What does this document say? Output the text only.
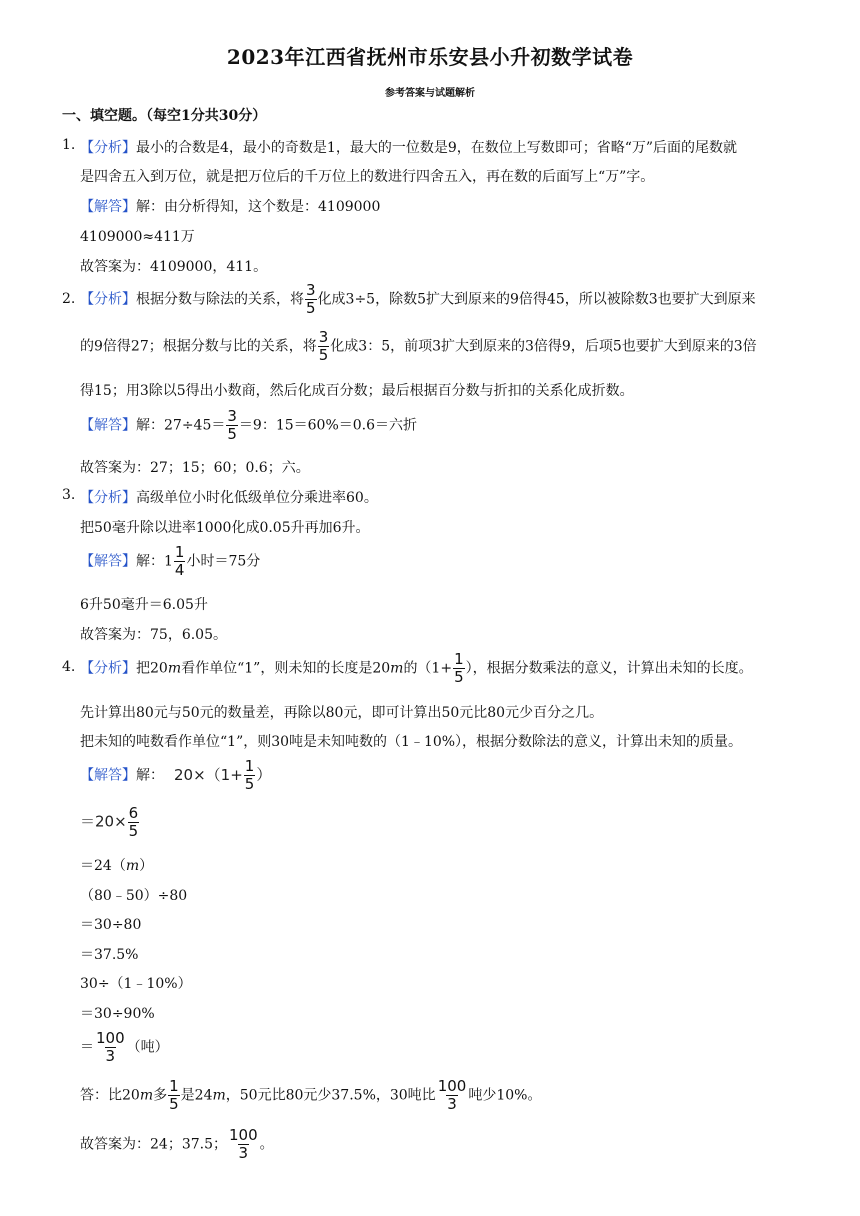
2023年江西省抚州市乐安县小升初数学试卷
参考答案与试题解析
一、填空题。（每空1分共30分）
1. 【分析】最小的合数是4，最小的奇数是1，最大的一位数是9，在数位上写数即可；省略“万”后面的尾数就
是四舍五入到万位，就是把万位后的千万位上的数进行四舍五入，再在数的后面写上“万”字。
【解答】解：由分析得知，这个数是：4109000
4109000≈411万
故答案为：4109000，411。
2. 【分析】根据分数与除法的关系，将 $\frac{3}{5}$ 化成3÷5，除数5扩大到原来的9倍得45，所以被除数3也要扩大到原来
的9倍得27；根据分数与比的关系，将 $\frac{3}{5}$ 化成3：5，前项3扩大到原来的3倍得9，后项5也要扩大到原来的3倍
得15；用3除以5得出小数商，然后化成百分数；最后根据百分数与折扣的关系化成折数。
【解答】解：$27\div 45= \frac{3}{5} =9$：15＝60%＝0.6＝六折
故答案为：27；15；60；0.6；六。
3. 【分析】高级单位小时化低级单位分乘进率60。
把50毫升除以进率1000化成0.05升再加6升。
【解答】解：$1 \frac{1}{4}$ 小时＝75分
6升50毫升＝6.05升
故答案为：75，6.05。
4. 【分析】把20m看作单位“1”，则未知的长度是20m的（$1+ \frac{1}{5}$ ），根据分数乘法的意义，计算出未知的长度。
先计算出80元与50元的数量差，再除以80元，即可计算出50元比80元少百分之几。
把未知的吨数看作单位“1”，则30吨是未知吨数的（1﹣10%），根据分数除法的意义，计算出未知的质量。
【解答】解： $20\times(1+ \frac{1}{5}$ ）
$=20\times \frac{6}{5}$
＝24（m）
（80﹣50）÷80
＝30÷80
＝37.5%
30÷（1﹣10%）
＝30÷90%
＝ $\frac{100}{3}$ （吨）
答：比20m多 $\frac{1}{5}$ 是24m，50元比80元少37.5%，30吨比 $\frac{100}{3}$ 吨少10%。
故答案为：24；37.5； $\frac{100}{3}$ 。
